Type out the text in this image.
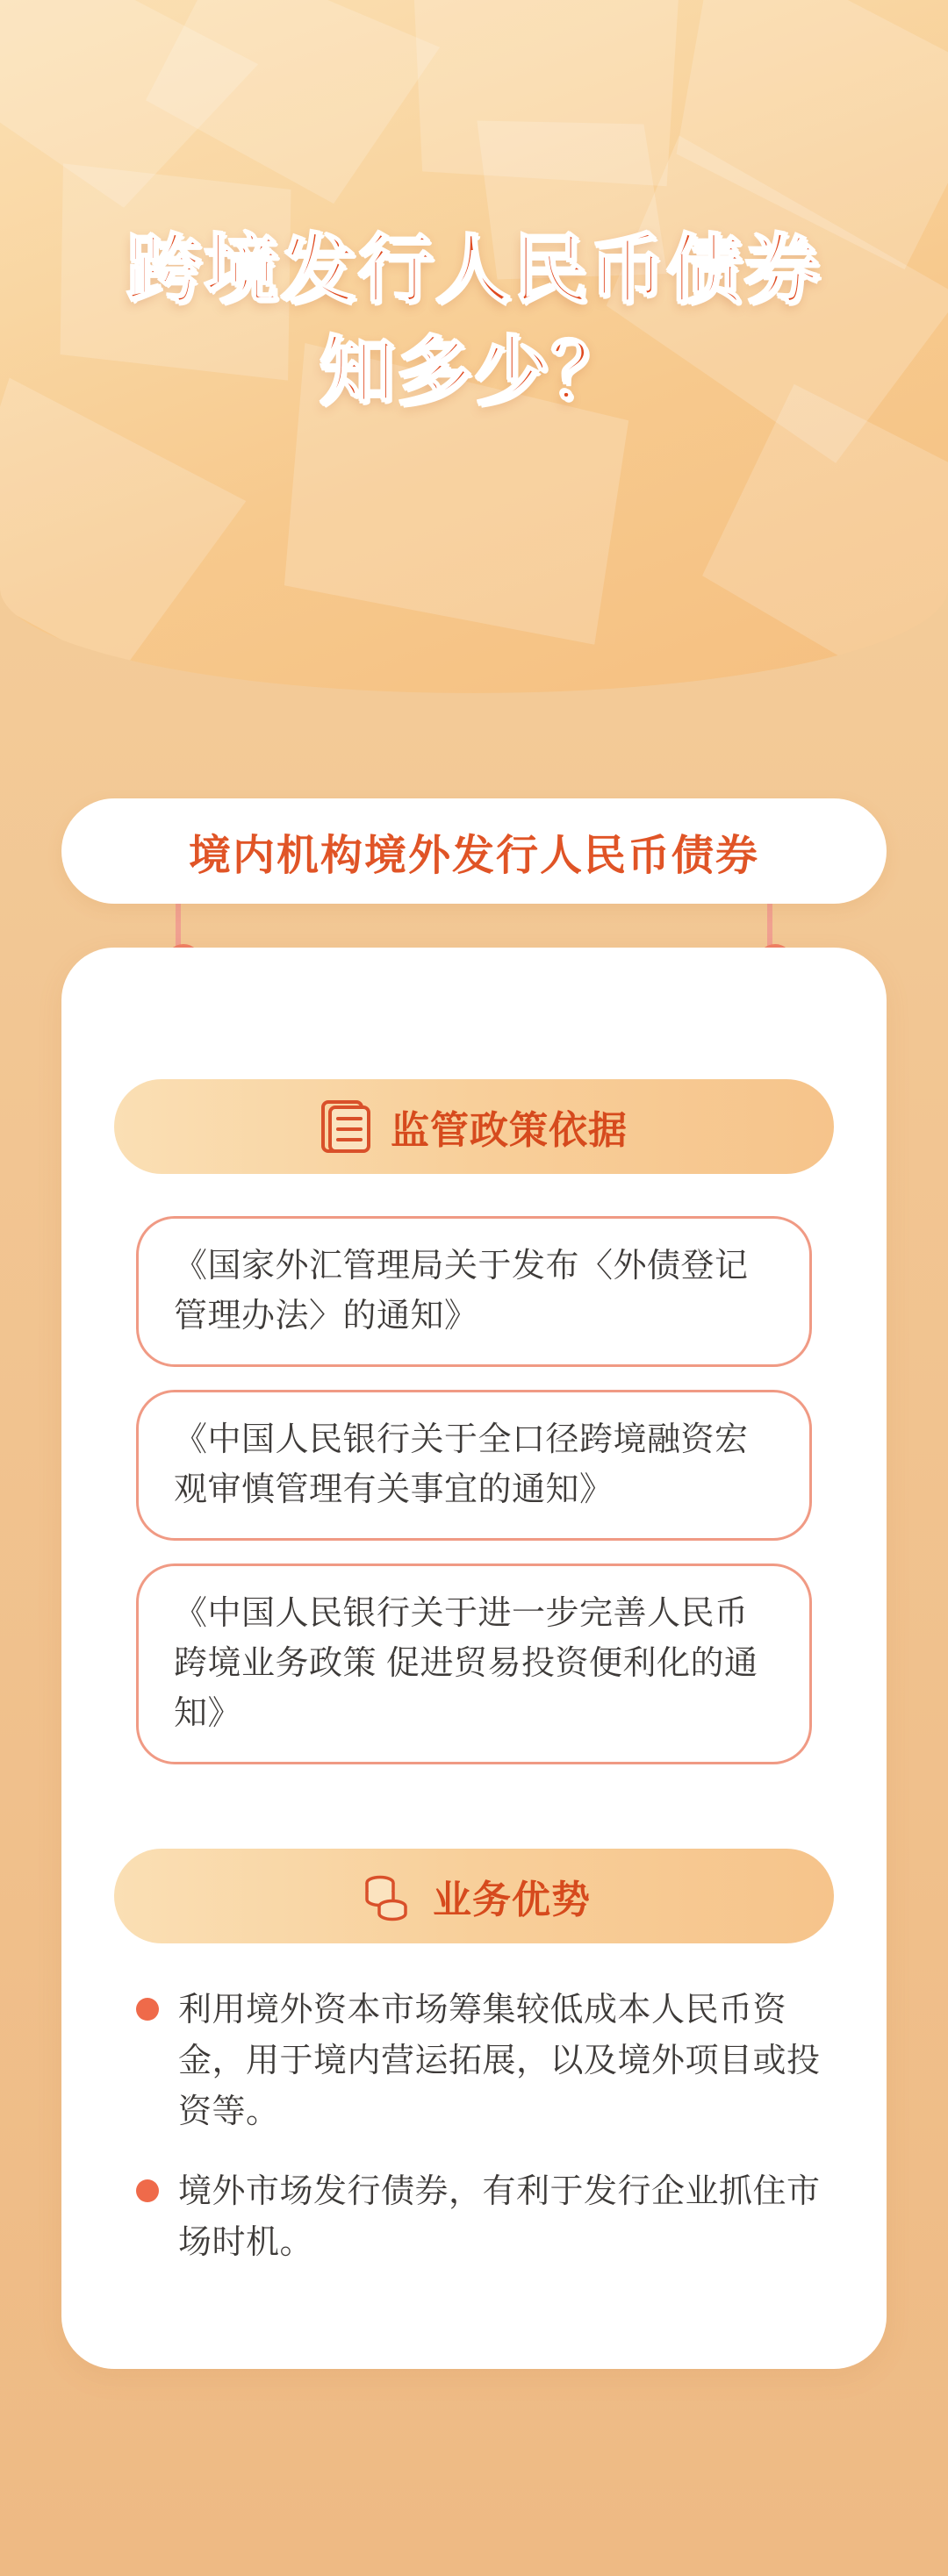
跨境发行人民币债券
知多少？
境内机构境外发行人民币债券
监管政策依据

《国家外汇管理局关于发布〈外债登记管理办法〉的通知》

《中国人民银行关于全口径跨境融资宏观审慎管理有关事宜的通知》

《中国人民银行关于进一步完善人民币跨境业务政策 促进贸易投资便利化的通知》

业务优势

利用境外资本市场筹集较低成本人民币资金，用于境内营运拓展，以及境外项目或投资等。

境外市场发行债券，有利于发行企业抓住市场时机。
